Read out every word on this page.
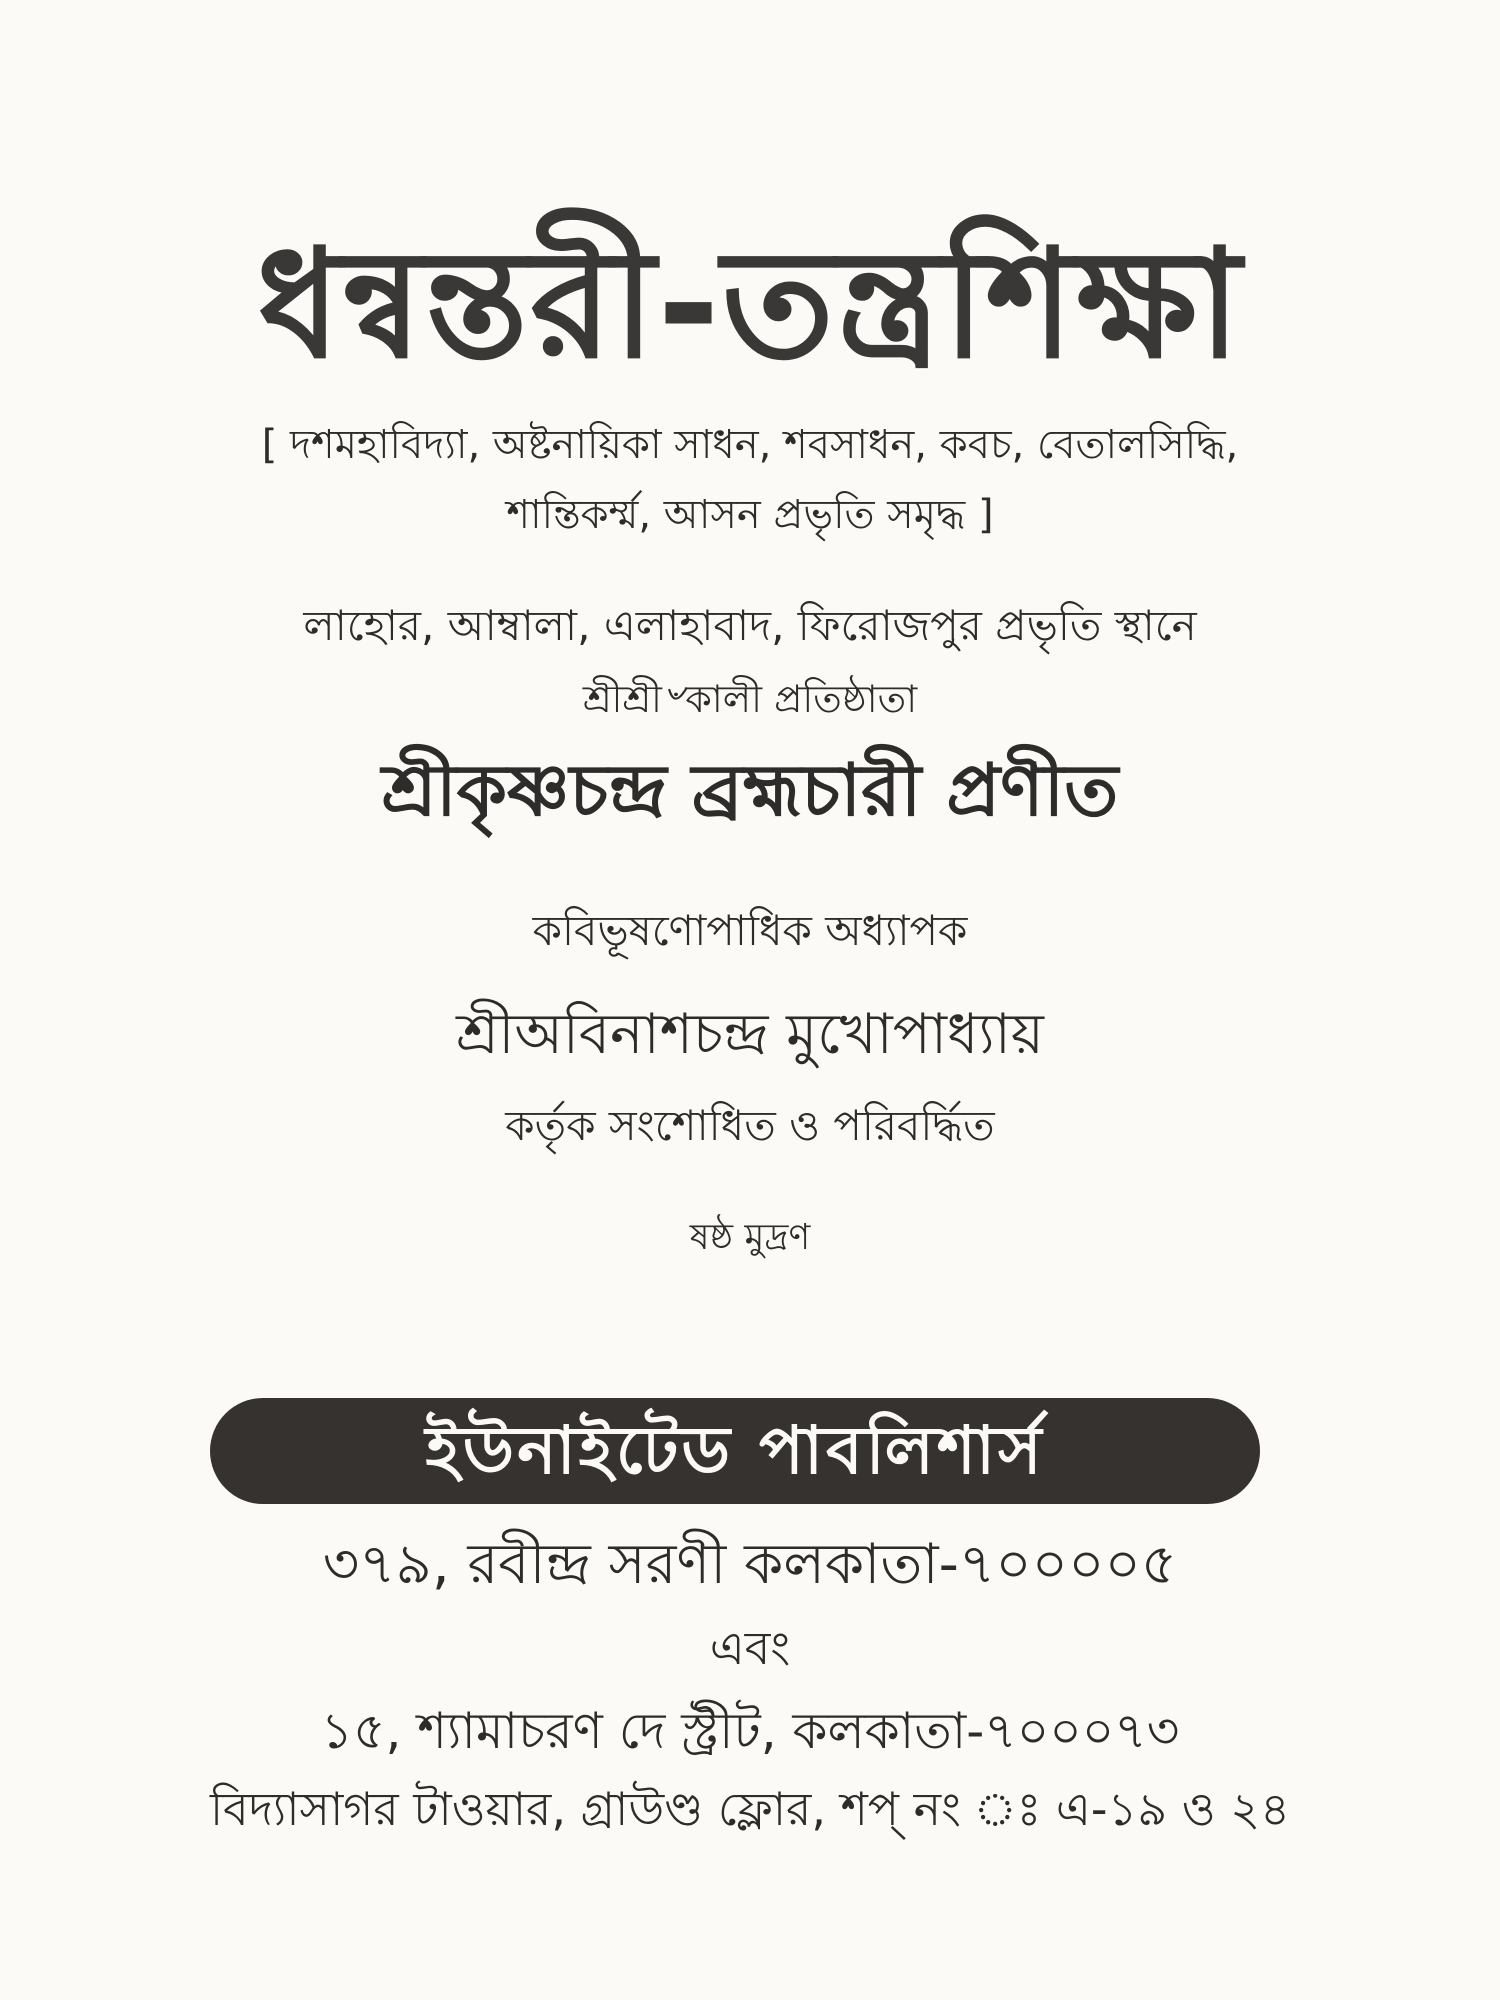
ধন্বন্তরী-তন্ত্রশিক্ষা
[ দশমহাবিদ্যা, অষ্টনায়িকা সাধন, শবসাধন, কবচ, বেতালসিদ্ধি,
শান্তিকর্ম্ম, আসন প্রভৃতি সমৃদ্ধ ]
লাহোর, আম্বালা, এলাহাবাদ, ফিরোজপুর প্রভৃতি স্থানে
শ্রীশ্রী৺কালী প্রতিষ্ঠাতা
শ্রীকৃষ্ণচন্দ্র ব্রহ্মচারী প্রণীত
কবিভূষণোপাধিক অধ্যাপক
শ্রীঅবিনাশচন্দ্র মুখোপাধ্যায়
কর্তৃক সংশোধিত ও পরিবর্দ্ধিত
ষষ্ঠ মুদ্রণ
ইউনাইটেড পাবলিশার্স
৩৭৯, রবীন্দ্র সরণী কলকাতা-৭০০০০৫
এবং
১৫, শ্যামাচরণ দে স্ট্রীট, কলকাতা-৭০০০৭৩
বিদ্যাসাগর টাওয়ার, গ্রাউণ্ড ফ্লোর, শপ্ নং ঃ এ-১৯ ও ২৪
